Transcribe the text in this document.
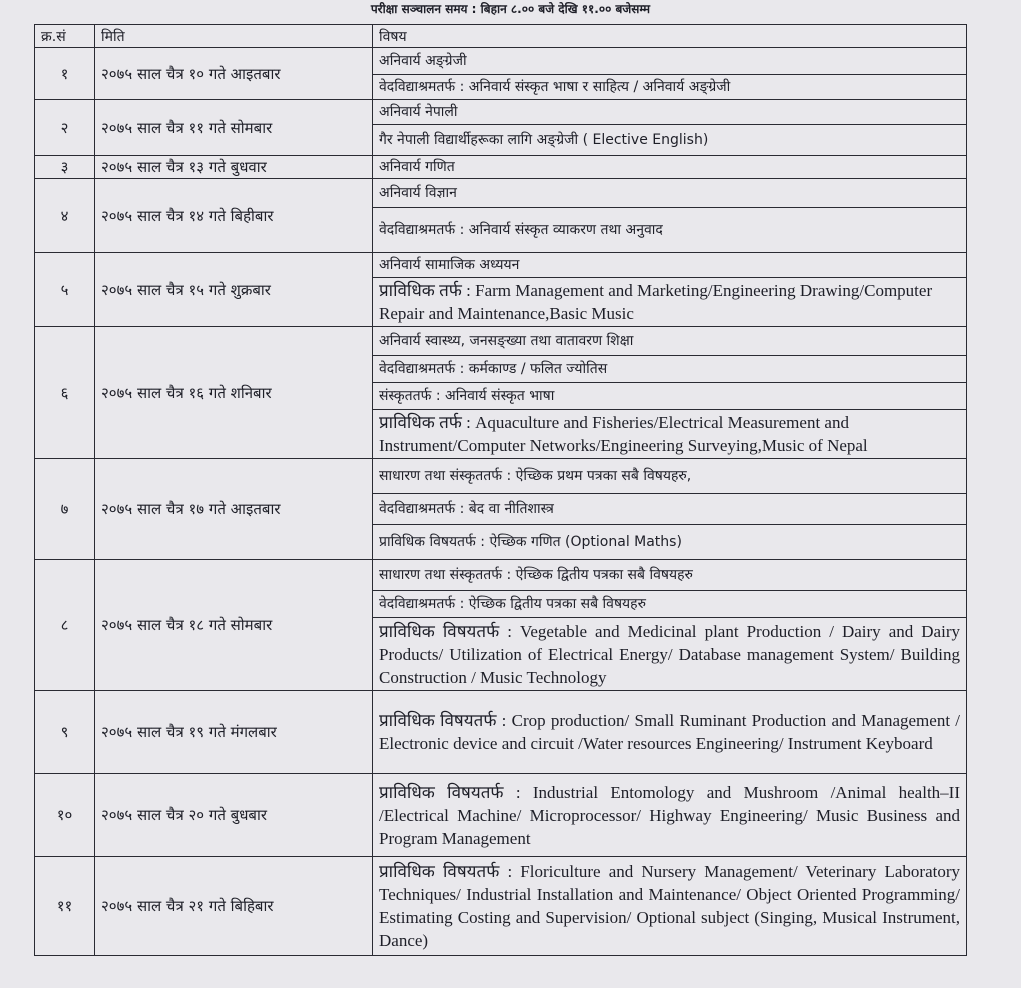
परीक्षा सञ्चालन समय : बिहान ८.०० बजे देखि ११.०० बजेसम्म
क्र.सं	मिति	विषय
१	२०७५ साल चैत्र १० गते आइतबार	अनिवार्य अङ्ग्रेजी
		वेदविद्याश्रमतर्फ : अनिवार्य संस्कृत भाषा र साहित्य / अनिवार्य अङ्ग्रेजी
२	२०७५ साल चैत्र ११ गते सोमबार	अनिवार्य नेपाली
		गैर नेपाली विद्यार्थीहरूका लागि अङ्ग्रेजी ( Elective English)
३	२०७५ साल चैत्र १३ गते बुधवार	अनिवार्य गणित
४	२०७५ साल चैत्र १४ गते बिहीबार	अनिवार्य विज्ञान
		वेदविद्याश्रमतर्फ : अनिवार्य संस्कृत व्याकरण तथा अनुवाद
५	२०७५ साल चैत्र १५ गते शुक्रबार	अनिवार्य सामाजिक अध्ययन
		प्राविधिक तर्फ : Farm Management and Marketing/Engineering Drawing/Computer Repair and Maintenance,Basic Music
६	२०७५ साल चैत्र १६ गते शनिबार	अनिवार्य स्वास्थ्य, जनसङ्ख्या तथा वातावरण शिक्षा
		वेदविद्याश्रमतर्फ : कर्मकाण्ड / फलित ज्योतिस
		संस्कृततर्फ : अनिवार्य संस्कृत भाषा
		प्राविधिक तर्फ : Aquaculture and Fisheries/Electrical Measurement and Instrument/Computer Networks/Engineering Surveying,Music of Nepal
७	२०७५ साल चैत्र १७ गते आइतबार	साधारण तथा संस्कृततर्फ : ऐच्छिक प्रथम पत्रका सबै विषयहरु,
		वेदविद्याश्रमतर्फ : बेद वा नीतिशास्त्र
		प्राविधिक विषयतर्फ : ऐच्छिक गणित (Optional Maths)
८	२०७५ साल चैत्र १८ गते सोमबार	साधारण तथा संस्कृततर्फ : ऐच्छिक द्वितीय पत्रका सबै विषयहरु
		वेदविद्याश्रमतर्फ : ऐच्छिक द्वितीय पत्रका सबै विषयहरु
		प्राविधिक विषयतर्फ : Vegetable and Medicinal plant Production / Dairy and Dairy Products/ Utilization of Electrical Energy/ Database management System/ Building Construction / Music Technology
९	२०७५ साल चैत्र १९ गते मंगलबार	प्राविधिक विषयतर्फ : Crop production/ Small Ruminant Production and Management / Electronic device and circuit /Water resources Engineering/ Instrument Keyboard
१०	२०७५ साल चैत्र २० गते बुधबार	प्राविधिक विषयतर्फ : Industrial Entomology and Mushroom /Animal health–II /Electrical Machine/ Microprocessor/ Highway Engineering/ Music Business and Program Management
११	२०७५ साल चैत्र २१ गते बिहिबार	प्राविधिक विषयतर्फ : Floriculture and Nursery Management/ Veterinary Laboratory Techniques/ Industrial Installation and Maintenance/ Object Oriented Programming/ Estimating Costing and Supervision/ Optional subject (Singing, Musical Instrument, Dance)
